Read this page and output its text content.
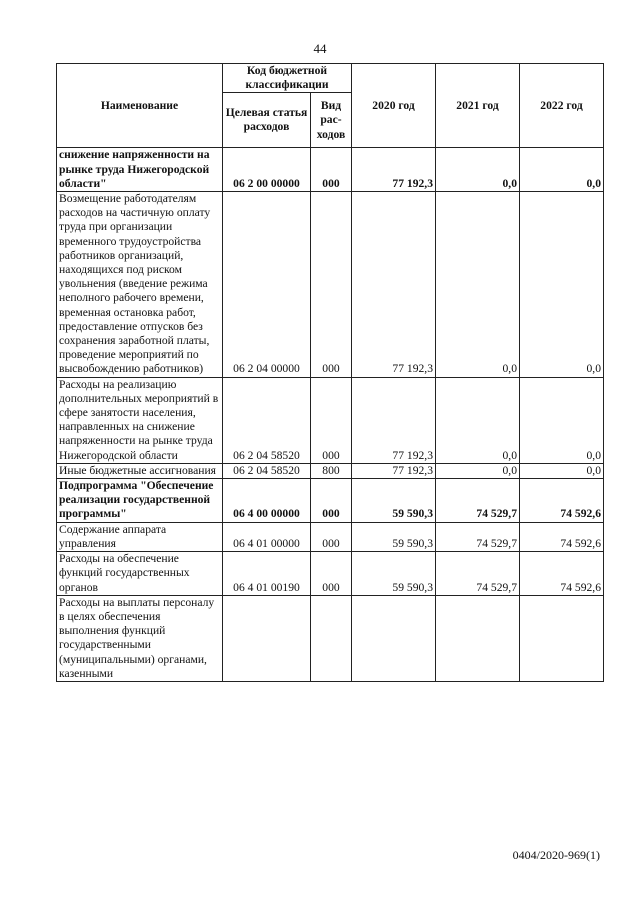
44
Наименование	Код бюджетной классификации		2020 год	2021 год	2022 год
	Целевая статья расходов	Вид рас-ходов			
снижение напряженности на рынке труда Нижегородской области"	06 2 00 00000	000	77 192,3	0,0	0,0
Возмещение работодателям расходов на частичную оплату труда при организации временного трудоустройства работников организаций, находящихся под риском увольнения (введение режима неполного рабочего времени, временная остановка работ, предоставление отпусков без сохранения заработной платы, проведение мероприятий по высвобождению работников)	06 2 04 00000	000	77 192,3	0,0	0,0
Расходы на реализацию дополнительных мероприятий в сфере занятости населения, направленных на снижение напряженности на рынке труда Нижегородской области	06 2 04 58520	000	77 192,3	0,0	0,0
Иные бюджетные ассигнования	06 2 04 58520	800	77 192,3	0,0	0,0
Подпрограмма "Обеспечение реализации государственной программы"	06 4 00 00000	000	59 590,3	74 529,7	74 592,6
Содержание аппарата управления	06 4 01 00000	000	59 590,3	74 529,7	74 592,6
Расходы на обеспечение функций государственных органов	06 4 01 00190	000	59 590,3	74 529,7	74 592,6
Расходы на выплаты персоналу в целях обеспечения выполнения функций государственными (муниципальными) органами, казенными					
0404/2020-969(1)
